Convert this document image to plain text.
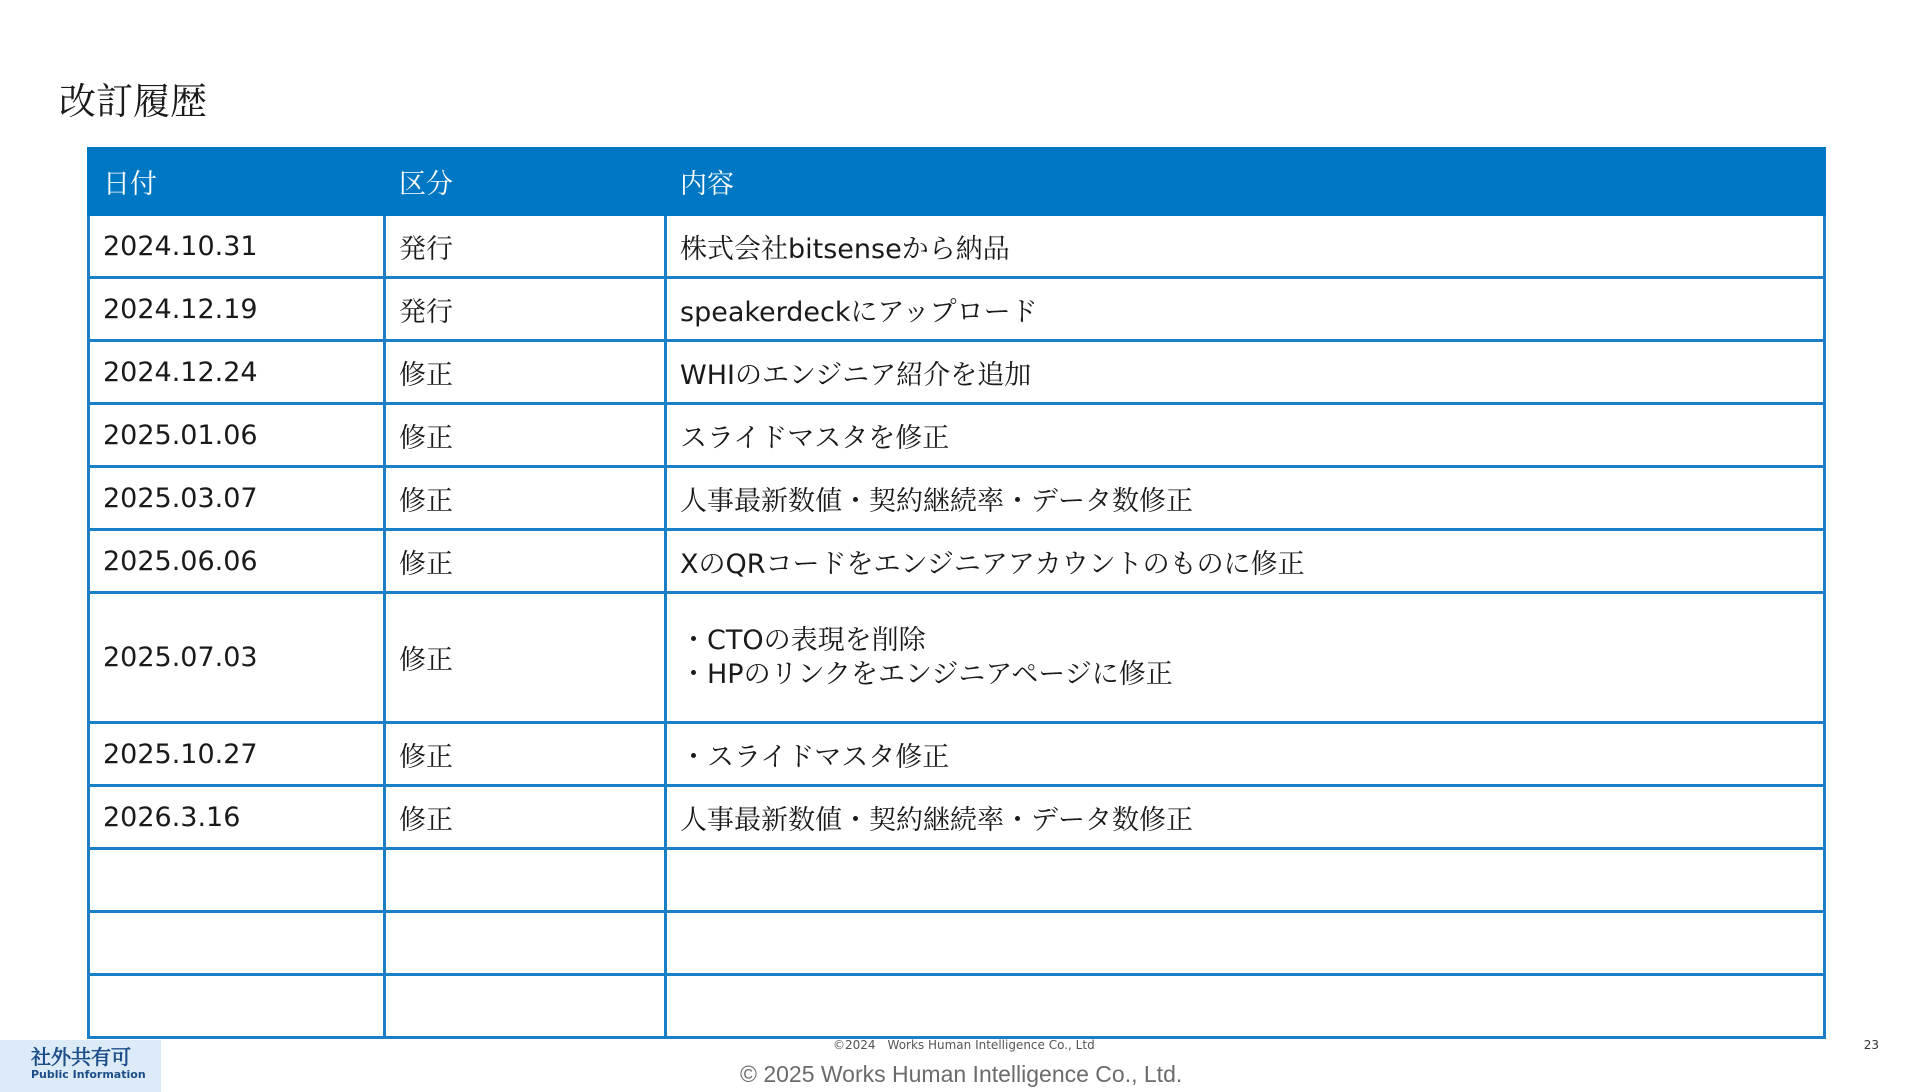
改訂履歴
日付	区分	内容
2024.10.31	発行	株式会社bitsenseから納品
2024.12.19	発行	speakerdeckにアップロード
2024.12.24	修正	WHIのエンジニア紹介を追加
2025.01.06	修正	スライドマスタを修正
2025.03.07	修正	人事最新数値・契約継続率・データ数修正
2025.06.06	修正	XのQRコードをエンジニアアカウントのものに修正
2025.07.03	修正	・CTOの表現を削除
・HPのリンクをエンジニアページに修正

2025.10.27	修正	・スライドマスタ修正
2026.3.16	修正	人事最新数値・契約継続率・データ数修正

©2024　Works Human Intelligence Co., Ltd
© 2025 Works Human Intelligence Co., Ltd.
23
社外共有可
Public Information
